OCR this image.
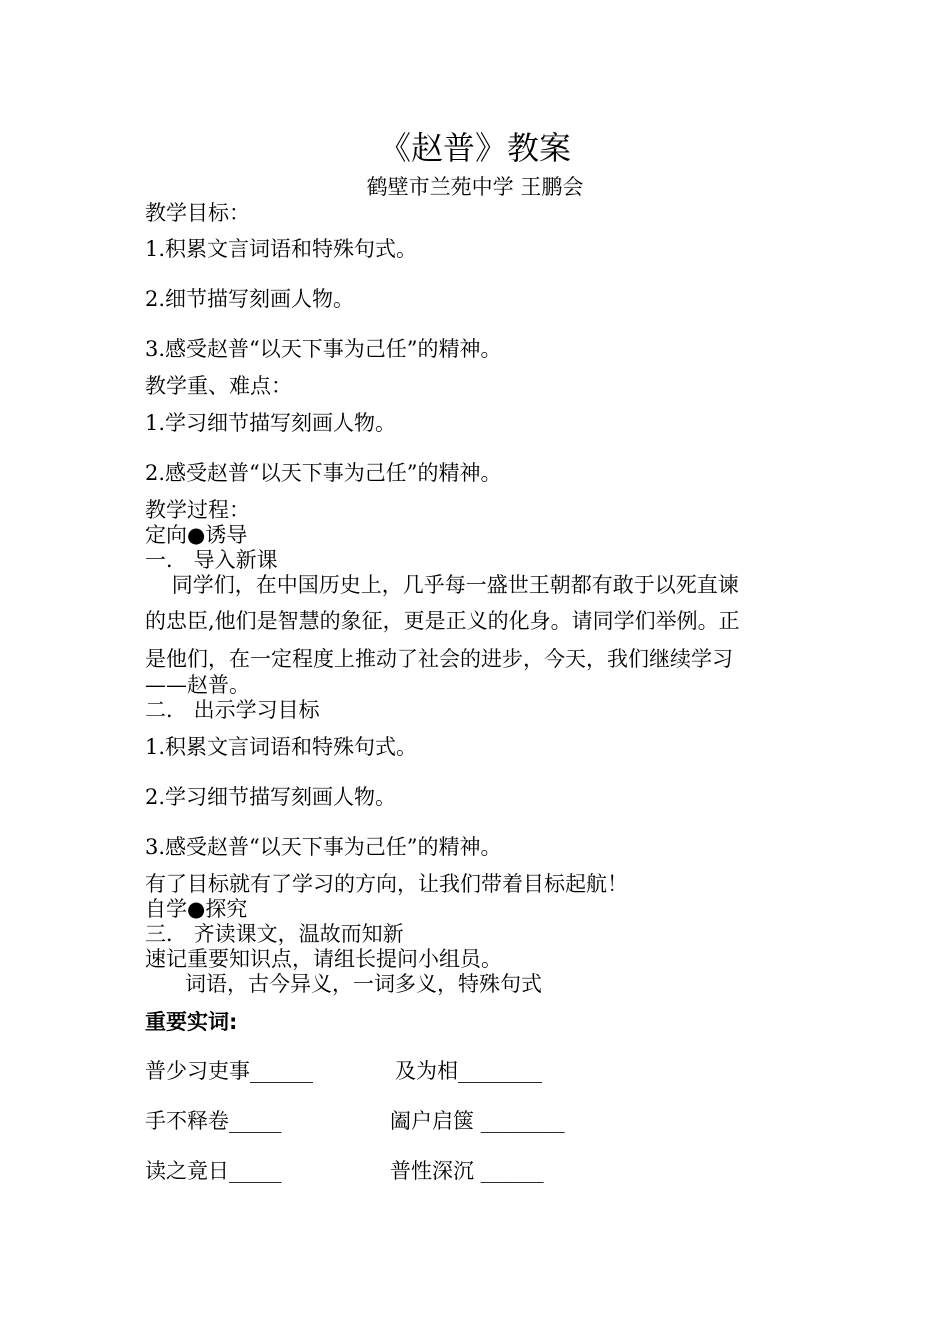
《赵普》教案
鹤壁市兰苑中学 王鹏会
教学目标：
1.积累文言词语和特殊句式。
2.细节描写刻画人物。
3.感受赵普“以天下事为己任”的精神。
教学重、难点：
1.学习细节描写刻画人物。
2.感受赵普“以天下事为己任”的精神。
教学过程：
定向●诱导
一． 导入新课
同学们，在中国历史上，几乎每一盛世王朝都有敢于以死直谏
的忠臣,他们是智慧的象征，更是正义的化身。请同学们举例。正
是他们，在一定程度上推动了社会的进步，今天，我们继续学习
——赵普。
二． 出示学习目标
1.积累文言词语和特殊句式。
2.学习细节描写刻画人物。
3.感受赵普“以天下事为己任”的精神。
有了目标就有了学习的方向，让我们带着目标起航！
自学●探究
三． 齐读课文，温故而知新
速记重要知识点，请组长提问小组员。
词语，古今异义，一词多义，特殊句式
重要实词:
普少习吏事______	及为相________
手不释卷_____	阖户启箧 ________
读之竟日_____	普性深沉 ______
